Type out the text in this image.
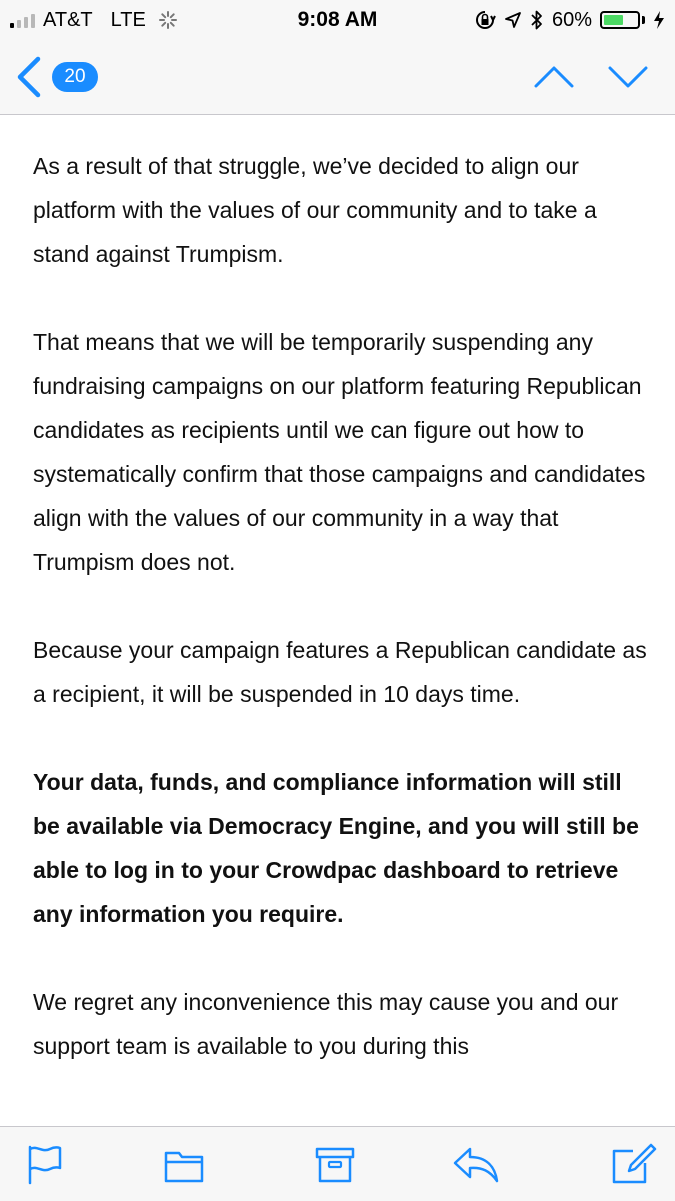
AT&T LTE	9:08 AM	60%
20

As a result of that struggle, we’ve decided to align our platform with the values of our community and to take a stand against Trumpism.

That means that we will be temporarily suspending any fundraising campaigns on our platform featuring Republican candidates as recipients until we can figure out how to systematically confirm that those campaigns and candidates align with the values of our community in a way that Trumpism does not.

Because your campaign features a Republican candidate as a recipient, it will be suspended in 10 days time.

Your data, funds, and compliance information will still be available via Democracy Engine, and you will still be able to log in to your Crowdpac dashboard to retrieve any information you require.

We regret any inconvenience this may cause you and our support team is available to you during this
